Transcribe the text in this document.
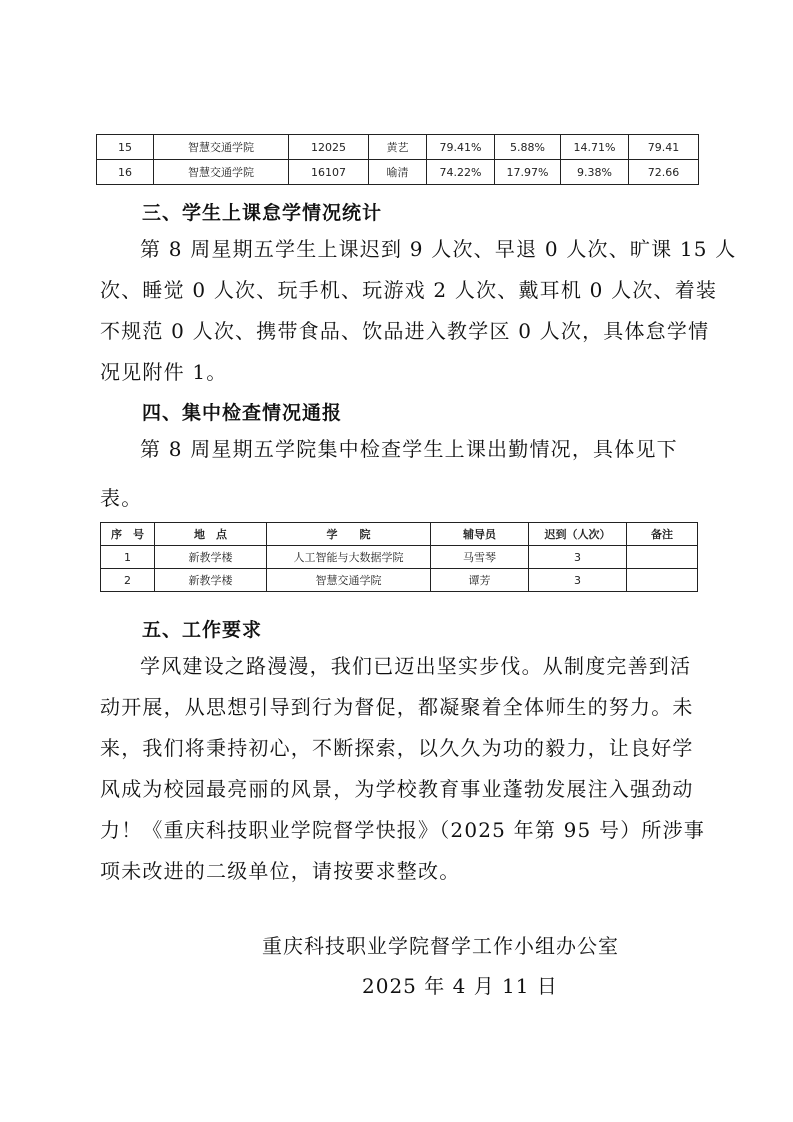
15	智慧交通学院	12025	黄艺	79.41%	5.88%	14.71%	79.41
16	智慧交通学院	16107	喻清	74.22%	17.97%	9.38%	72.66
三、学生上课怠学情况统计
第 8 周星期五学生上课迟到 9 人次、早退 0 人次、旷课 15 人
次、睡觉 0 人次、玩手机、玩游戏 2 人次、戴耳机 0 人次、着装
不规范 0 人次、携带食品、饮品进入教学区 0 人次，具体怠学情
况见附件 1。
四、集中检查情况通报
第 8 周星期五学院集中检查学生上课出勤情况，具体见下
表。
序　号	地　点	学　　院	辅导员	迟到（人次）	备注
1	新教学楼	人工智能与大数据学院	马雪琴	3	
2	新教学楼	智慧交通学院	谭芳	3	
五、工作要求
学风建设之路漫漫，我们已迈出坚实步伐。从制度完善到活
动开展，从思想引导到行为督促，都凝聚着全体师生的努力。未
来，我们将秉持初心，不断探索，以久久为功的毅力，让良好学
风成为校园最亮丽的风景，为学校教育事业蓬勃发展注入强劲动
力！《重庆科技职业学院督学快报》（2025 年第 95 号）所涉事
项未改进的二级单位，请按要求整改。
重庆科技职业学院督学工作小组办公室
2025 年 4 月 11 日
